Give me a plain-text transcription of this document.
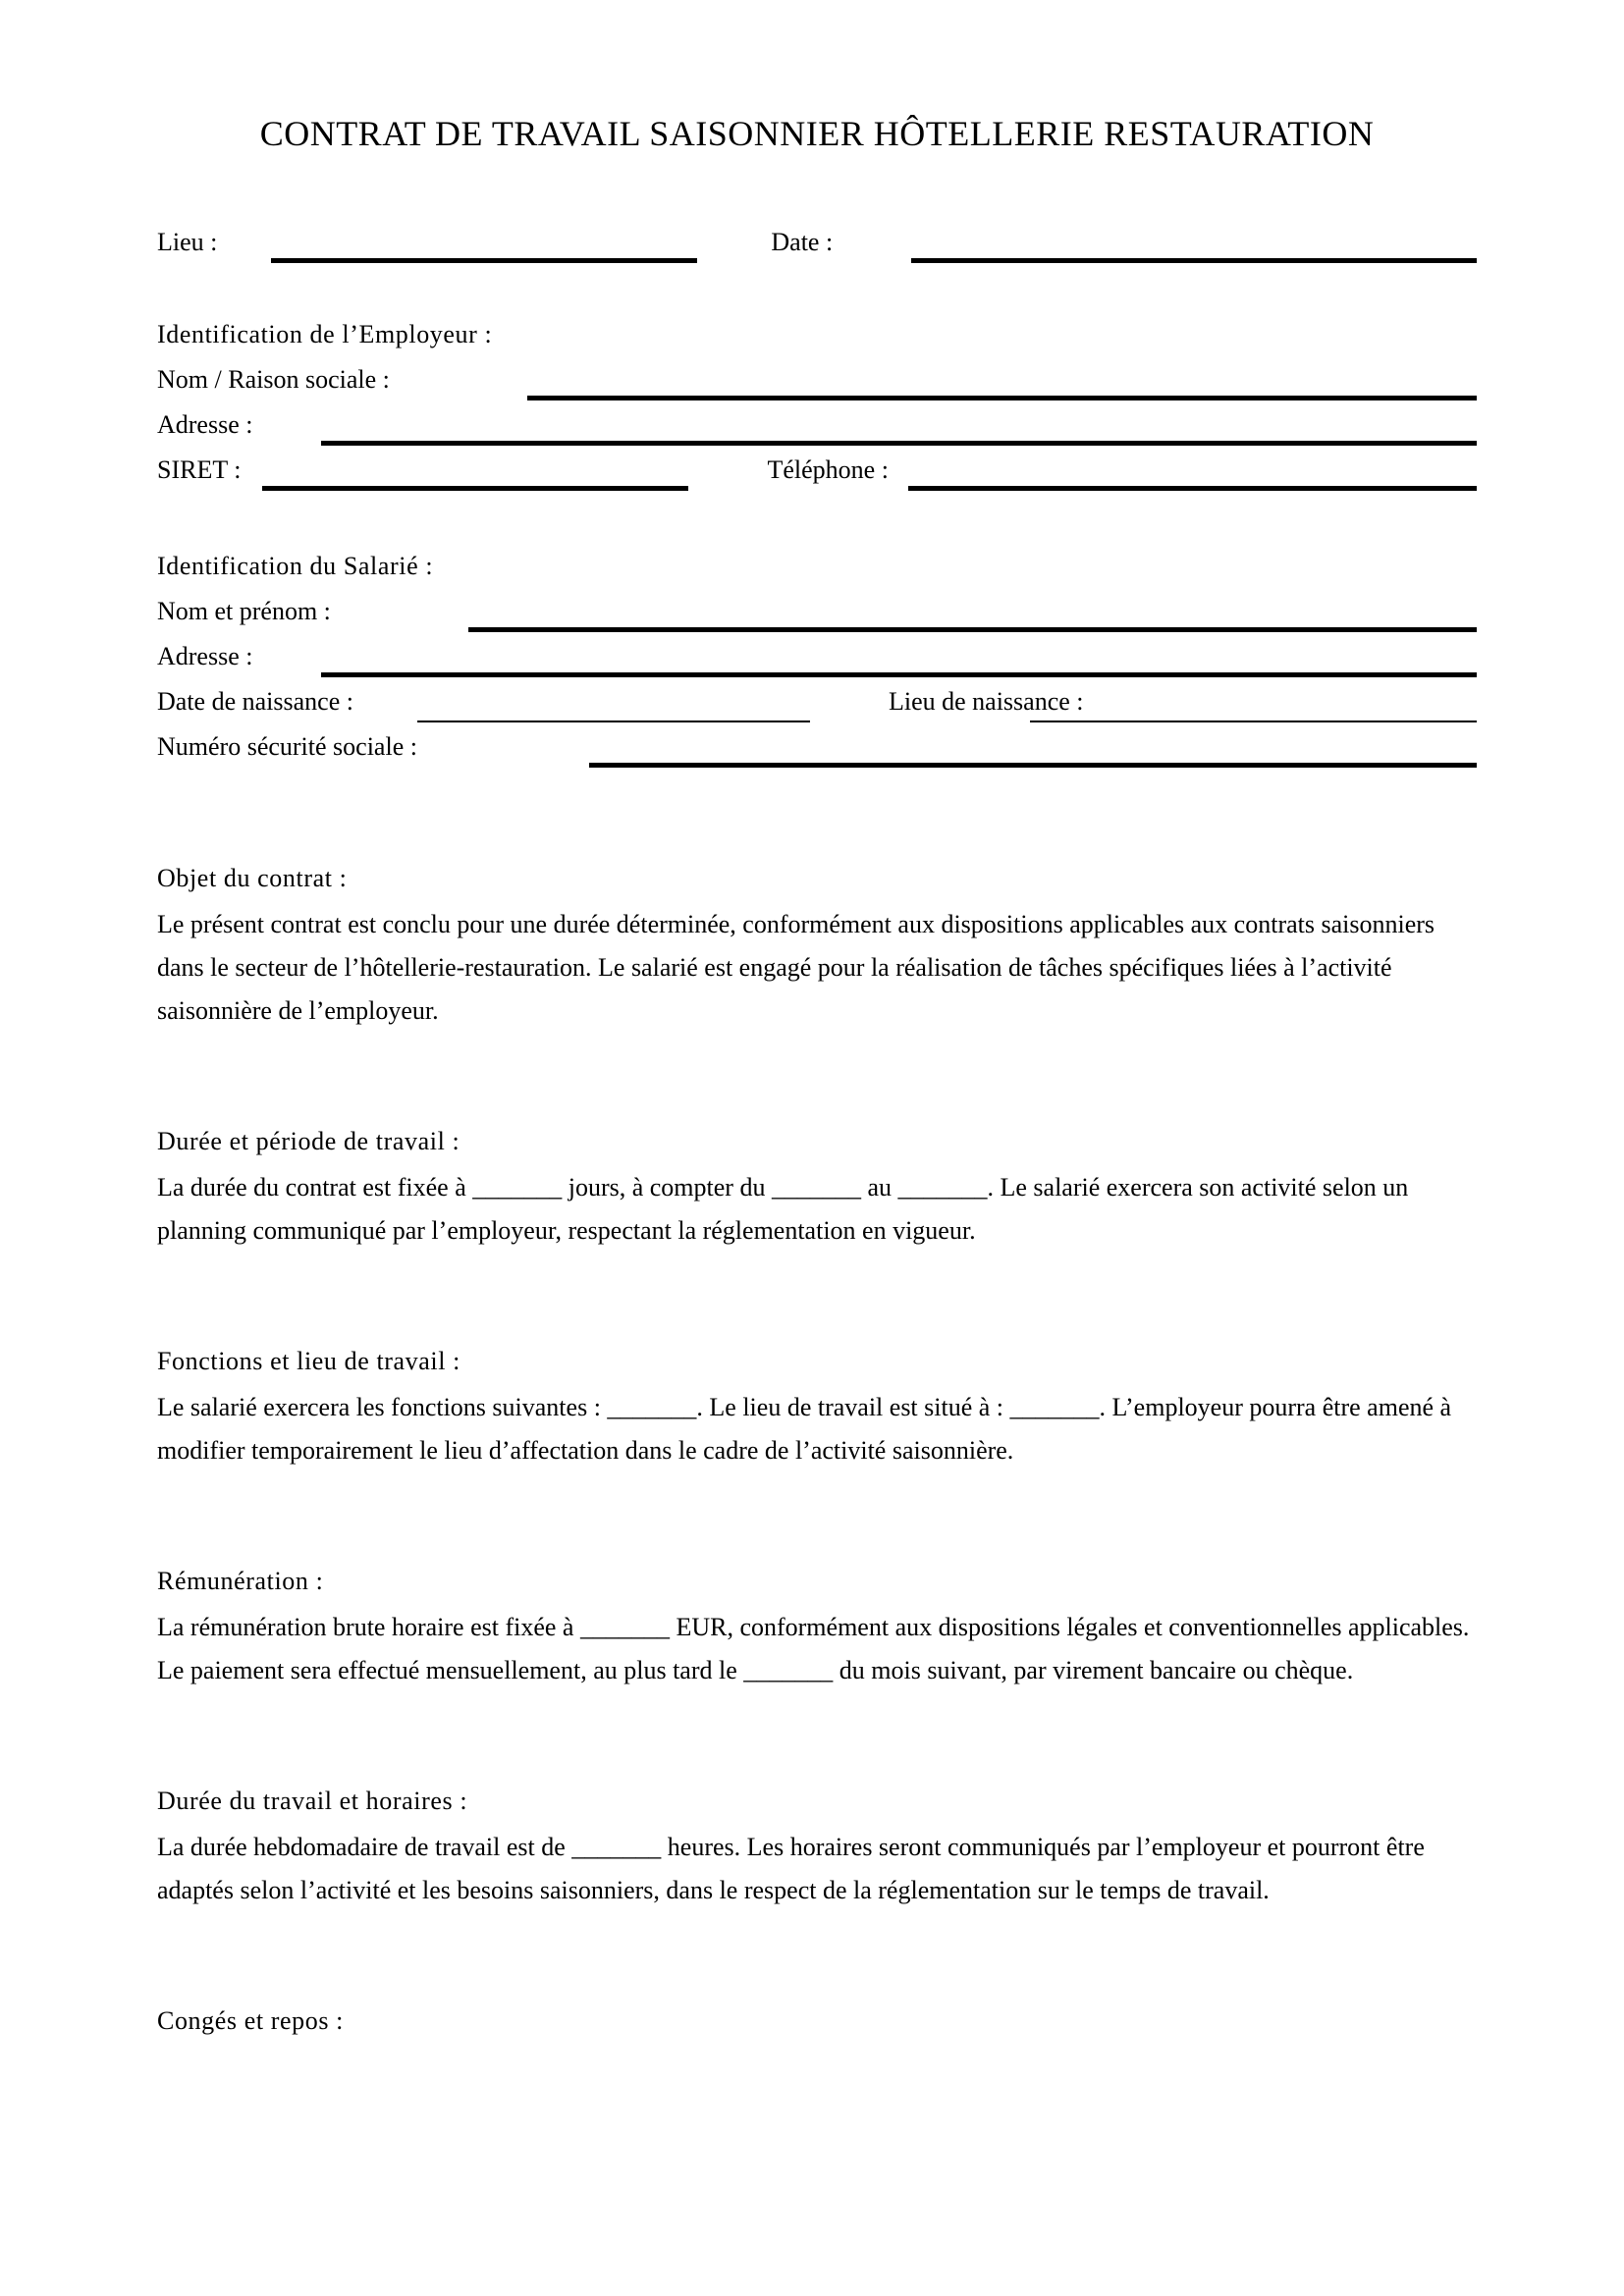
CONTRAT DE TRAVAIL SAISONNIER HÔTELLERIE RESTAURATION
Lieu :	Date :
Identification de l’Employeur :
Nom / Raison sociale :
Adresse :
SIRET :	Téléphone :
Identification du Salarié :
Nom et prénom :
Adresse :
Date de naissance :	Lieu de naissance :
Numéro sécurité sociale :
Objet du contrat :

Le présent contrat est conclu pour une durée déterminée, conformément aux dispositions applicables aux contrats saisonniers dans le secteur de l’hôtellerie-restauration. Le salarié est engagé pour la réalisation de tâches spécifiques liées à l’activité saisonnière de l’employeur.

Durée et période de travail :

La durée du contrat est fixée à _______ jours, à compter du _______ au _______. Le salarié exercera son activité selon un planning communiqué par l’employeur, respectant la réglementation en vigueur.

Fonctions et lieu de travail :

Le salarié exercera les fonctions suivantes : _______. Le lieu de travail est situé à : _______. L’employeur pourra être amené à modifier temporairement le lieu d’affectation dans le cadre de l’activité saisonnière.

Rémunération :

La rémunération brute horaire est fixée à _______ EUR, conformément aux dispositions légales et conventionnelles applicables. Le paiement sera effectué mensuellement, au plus tard le _______ du mois suivant, par virement bancaire ou chèque.

Durée du travail et horaires :

La durée hebdomadaire de travail est de _______ heures. Les horaires seront communiqués par l’employeur et pourront être adaptés selon l’activité et les besoins saisonniers, dans le respect de la réglementation sur le temps de travail.

Congés et repos :
